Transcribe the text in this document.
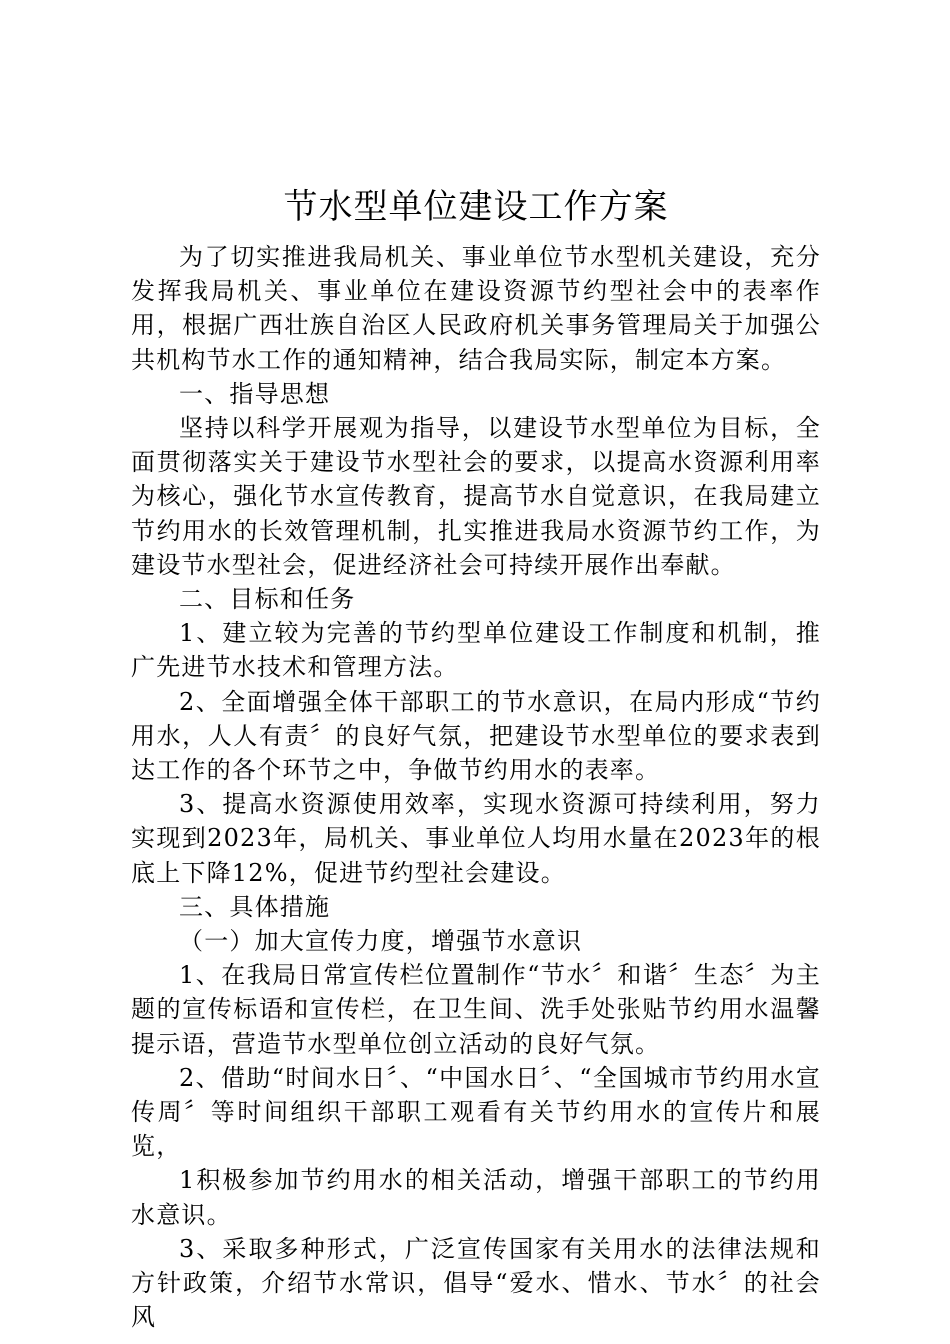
节水型单位建设工作方案

为了切实推进我局机关、事业单位节水型机关建设，充分发挥我局机关、事业单位在建设资源节约型社会中的表率作用，根据广西壮族自治区人民政府机关事务管理局关于加强公共机构节水工作的通知精神，结合我局实际，制定本方案。

一、指导思想

坚持以科学开展观为指导，以建设节水型单位为目标，全面贯彻落实关于建设节水型社会的要求，以提高水资源利用率为核心，强化节水宣传教育，提高节水自觉意识，在我局建立节约用水的长效管理机制，扎实推进我局水资源节约工作，为建设节水型社会，促进经济社会可持续开展作出奉献。

二、目标和任务

1、建立较为完善的节约型单位建设工作制度和机制，推广先进节水技术和管理方法。

2、全面增强全体干部职工的节水意识，在局内形成“节约用水，人人有责〞的良好气氛，把建设节水型单位的要求表到达工作的各个环节之中，争做节约用水的表率。

3、提高水资源使用效率，实现水资源可持续利用，努力实现到2023年，局机关、事业单位人均用水量在2023年的根底上下降12%，促进节约型社会建设。

三、具体措施

（一）加大宣传力度，增强节水意识

1、在我局日常宣传栏位置制作“节水〞和谐〞生态〞为主题的宣传标语和宣传栏，在卫生间、洗手处张贴节约用水温馨提示语，营造节水型单位创立活动的良好气氛。

2、借助“时间水日〞、“中国水日〞、“全国城市节约用水宣传周〞等时间组织干部职工观看有关节约用水的宣传片和展览，

1积极参加节约用水的相关活动，增强干部职工的节约用水意识。

3、采取多种形式，广泛宣传国家有关用水的法律法规和方针政策，介绍节水常识，倡导“爱水、惜水、节水〞的社会风
